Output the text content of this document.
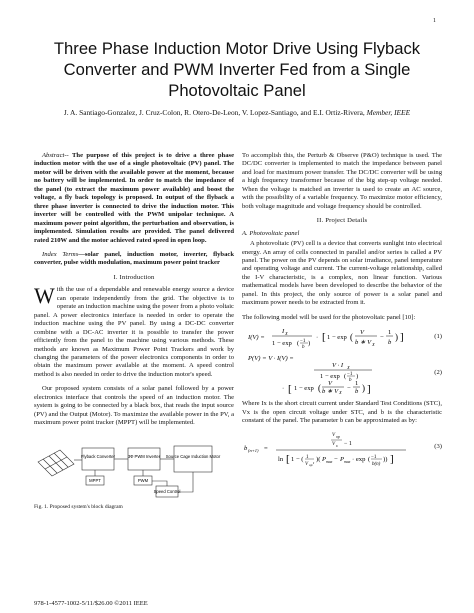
1
Three Phase Induction Motor Drive Using Flyback Converter and PWM Inverter Fed from a Single Photovoltaic Panel
J. A. Santiago-Gonzalez, J. Cruz-Colon, R. Otero-De-Leon, V. Lopez-Santiago, and E.I. Ortiz-Rivera, Member, IEEE

Abstract-- The purpose of this project is to drive a three phase induction motor with the use of a single photovoltaic (PV) panel. The motor will be driven with the available power at the moment, because no battery will be implemented. In order to match the impedance of the panel (to extract the maximum power available) and boost the voltage, a fly back topology is proposed. In output of the flyback a three phase inverter is connected to drive the induction motor. This inverter will be controlled with the PWM unipolar technique. A maximum power point algorithm, the perturbation and observation, is implemented. Simulation results are provided. The panel delivered rated 210W and the motor achieved rated speed in open loop.

Index Terms—solar panel, induction motor, inverter, flyback converter, pulse width modulation, maximum power point tracker

I. Introduction

With the use of a dependable and renewable energy source a device can operate independently from the grid. The objective is to operate an induction machine using the power from a photo voltaic panel. A power electronics interface is needed in order to operate the induction machine using the PV panel. By using a DC-DC converter combine with a DC-AC inverter it is possible to transfer the power efficiently from the panel to the machine using various methods. These methods are known as Maximum Power Point Trackers and work by changing the parameters of the power electronics components in order to obtain the maximum power available at the moment. A speed control method is also needed in order to drive the induction motor's speed.

Our proposed system consists of a solar panel followed by a power electronics interface that controls the speed of an induction motor. The system is going to be connected by a black box, that reads the input source (PV) and the Output (Motor). To maximize the available power in the PV, a maximum power point tracker (MPPT) will be implemented.

Flyback Converter	3Ф PWM Inverter Source Cage Induction Motor
MPPT	PWM
Speed Control
Fig. 1. Proposed system's block diagram

To accomplish this, the Perturb & Observe (P&O) technique is used. The DC/DC converter is implemented to match the impedance between panel and load for maximum power transfer. The DC/DC converter will be using a high frequency transformer because of the big step-up voltage needed. When the voltage is matched an inverter is used to create an AC source, with the possibility of a variable frequency. To maximize motor efficiency, both voltage magnitude and voltage frequency should be controlled.

II. Project Details
A. Photovoltaic panel

A photovoltaic (PV) cell is a device that converts sunlight into electrical energy. An array of cells connected in parallel and/or series is called a PV panel. The power on the PV depends on solar irradiance, panel temperature and operating voltage and current. The current-voltage relationship, called the I-V characteristic, is a complex, non linear function. Various mathematical models have been developed to describe the behavior of the panel. In this project, the only source of power is a solar panel and maximum power needs to be extracted from it.

The following model will be used for the photovoltaic panel [10]:

I(V) =
I X
1 − exp ( −1
b
)
· [ 1 − exp ( V
b ∗ V X
−
1
b
) ]	(1)
P(V) = V · I(V) =
V · I X
1 − exp ( −1
b
)
· [ 1 − exp ( V
b ∗ V X
−
1
b ) ]
(2)

Where Ix is the short circuit current under Standard Test Conditions (STC), Vx is the open circuit voltage under STC, and b is the characteristic constant of the panel. The parameter b can be approximated as by:

b (n+1) =
V op
V x − 1
ln [ 1 − ( 1
V op I )( P max − P max · exp ( −1
b(n)
)) ]
(3)
978-1-4577-1002-5/11/$26.00 ©2011 IEEE
